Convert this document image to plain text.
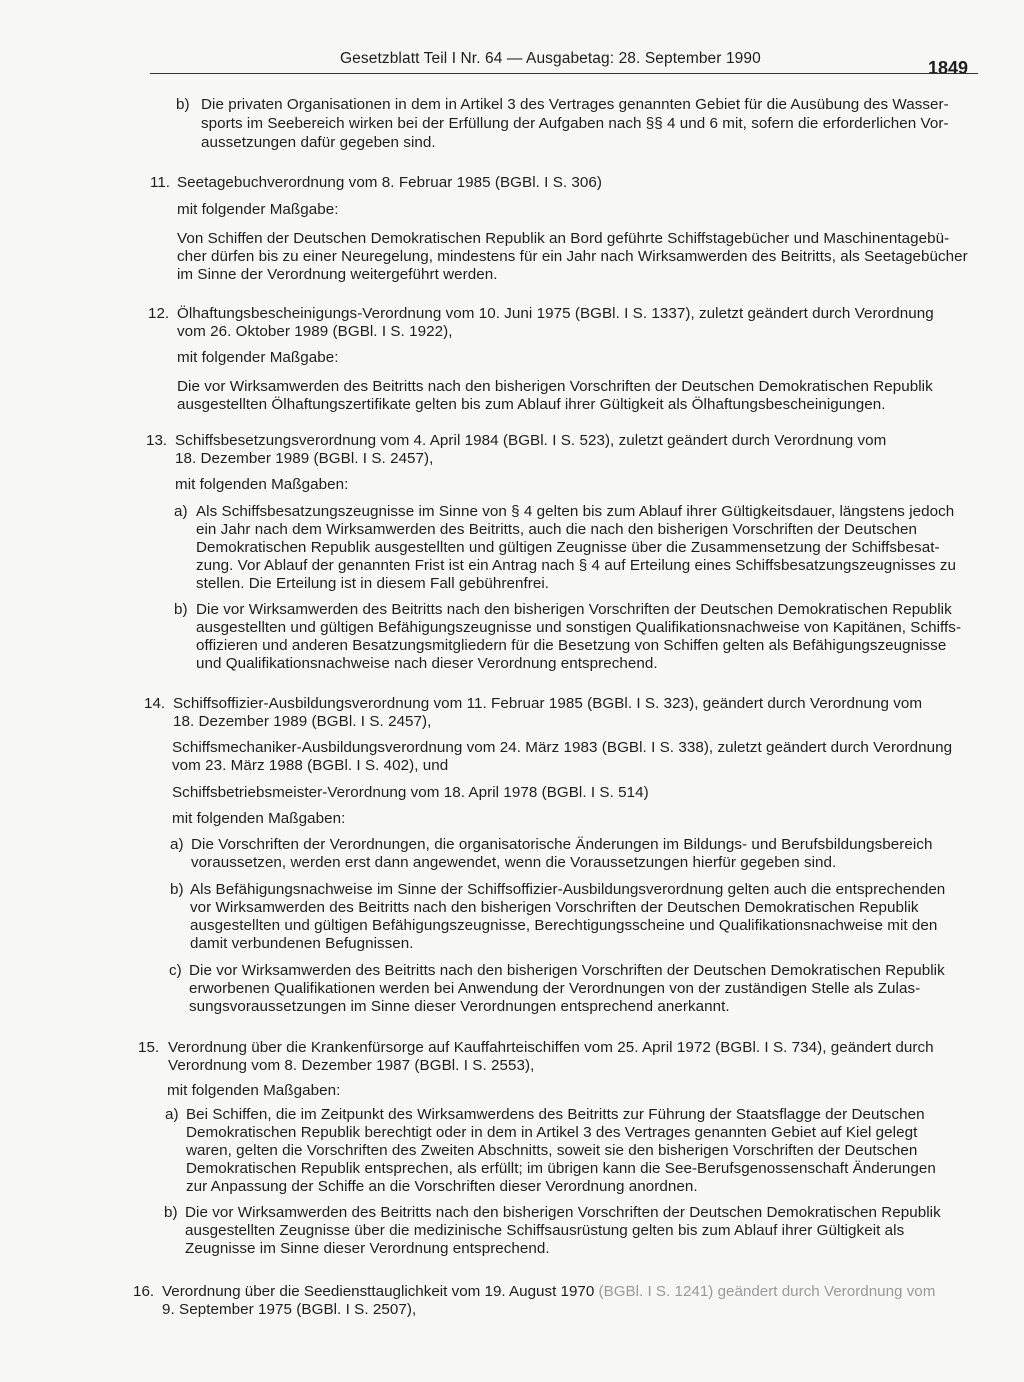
Gesetzblatt Teil I Nr. 64 — Ausgabetag: 28. September 1990	1849
b) Die privaten Organisationen in dem in Artikel 3 des Vertrages genannten Gebiet für die Ausübung des Wasser-
sports im Seebereich wirken bei der Erfüllung der Aufgaben nach §§ 4 und 6 mit, sofern die erforderlichen Vor-
aussetzungen dafür gegeben sind.
11. Seetagebuchverordnung vom 8. Februar 1985 (BGBl. I S. 306)
mit folgender Maßgabe:
Von Schiffen der Deutschen Demokratischen Republik an Bord geführte Schiffstagebücher und Maschinentagebü-
cher dürfen bis zu einer Neuregelung, mindestens für ein Jahr nach Wirksamwerden des Beitritts, als Seetagebücher
im Sinne der Verordnung weitergeführt werden.
12. Ölhaftungsbescheinigungs-Verordnung vom 10. Juni 1975 (BGBl. I S. 1337), zuletzt geändert durch Verordnung
vom 26. Oktober 1989 (BGBl. I S. 1922),
mit folgender Maßgabe:
Die vor Wirksamwerden des Beitritts nach den bisherigen Vorschriften der Deutschen Demokratischen Republik
ausgestellten Ölhaftungszertifikate gelten bis zum Ablauf ihrer Gültigkeit als Ölhaftungsbescheinigungen.
13. Schiffsbesetzungsverordnung vom 4. April 1984 (BGBl. I S. 523), zuletzt geändert durch Verordnung vom
18. Dezember 1989 (BGBl. I S. 2457),
mit folgenden Maßgaben:
a) Als Schiffsbesatzungszeugnisse im Sinne von § 4 gelten bis zum Ablauf ihrer Gültigkeitsdauer, längstens jedoch
ein Jahr nach dem Wirksamwerden des Beitritts, auch die nach den bisherigen Vorschriften der Deutschen
Demokratischen Republik ausgestellten und gültigen Zeugnisse über die Zusammensetzung der Schiffsbesat-
zung. Vor Ablauf der genannten Frist ist ein Antrag nach § 4 auf Erteilung eines Schiffsbesatzungszeugnisses zu
stellen. Die Erteilung ist in diesem Fall gebührenfrei.
b) Die vor Wirksamwerden des Beitritts nach den bisherigen Vorschriften der Deutschen Demokratischen Republik
ausgestellten und gültigen Befähigungszeugnisse und sonstigen Qualifikationsnachweise von Kapitänen, Schiffs-
offizieren und anderen Besatzungsmitgliedern für die Besetzung von Schiffen gelten als Befähigungszeugnisse
und Qualifikationsnachweise nach dieser Verordnung entsprechend.
14. Schiffsoffizier-Ausbildungsverordnung vom 11. Februar 1985 (BGBl. I S. 323), geändert durch Verordnung vom
18. Dezember 1989 (BGBl. I S. 2457),
Schiffsmechaniker-Ausbildungsverordnung vom 24. März 1983 (BGBl. I S. 338), zuletzt geändert durch Verordnung
vom 23. März 1988 (BGBl. I S. 402), und
Schiffsbetriebsmeister-Verordnung vom 18. April 1978 (BGBl. I S. 514)
mit folgenden Maßgaben:
a) Die Vorschriften der Verordnungen, die organisatorische Änderungen im Bildungs- und Berufsbildungsbereich
voraussetzen, werden erst dann angewendet, wenn die Voraussetzungen hierfür gegeben sind.
b) Als Befähigungsnachweise im Sinne der Schiffsoffizier-Ausbildungsverordnung gelten auch die entsprechenden
vor Wirksamwerden des Beitritts nach den bisherigen Vorschriften der Deutschen Demokratischen Republik
ausgestellten und gültigen Befähigungszeugnisse, Berechtigungsscheine und Qualifikationsnachweise mit den
damit verbundenen Befugnissen.
c) Die vor Wirksamwerden des Beitritts nach den bisherigen Vorschriften der Deutschen Demokratischen Republik
erworbenen Qualifikationen werden bei Anwendung der Verordnungen von der zuständigen Stelle als Zulas-
sungsvoraussetzungen im Sinne dieser Verordnungen entsprechend anerkannt.
15. Verordnung über die Krankenfürsorge auf Kauffahrteischiffen vom 25. April 1972 (BGBl. I S. 734), geändert durch
Verordnung vom 8. Dezember 1987 (BGBl. I S. 2553),
mit folgenden Maßgaben:
a) Bei Schiffen, die im Zeitpunkt des Wirksamwerdens des Beitritts zur Führung der Staatsflagge der Deutschen
Demokratischen Republik berechtigt oder in dem in Artikel 3 des Vertrages genannten Gebiet auf Kiel gelegt
waren, gelten die Vorschriften des Zweiten Abschnitts, soweit sie den bisherigen Vorschriften der Deutschen
Demokratischen Republik entsprechen, als erfüllt; im übrigen kann die See-Berufsgenossenschaft Änderungen
zur Anpassung der Schiffe an die Vorschriften dieser Verordnung anordnen.
b) Die vor Wirksamwerden des Beitritts nach den bisherigen Vorschriften der Deutschen Demokratischen Republik
ausgestellten Zeugnisse über die medizinische Schiffsausrüstung gelten bis zum Ablauf ihrer Gültigkeit als
Zeugnisse im Sinne dieser Verordnung entsprechend.
16. Verordnung über die Seediensttauglichkeit vom 19. August 1970 (BGBl. I S. 1241) geändert durch Verordnung vom
9. September 1975 (BGBl. I S. 2507),
